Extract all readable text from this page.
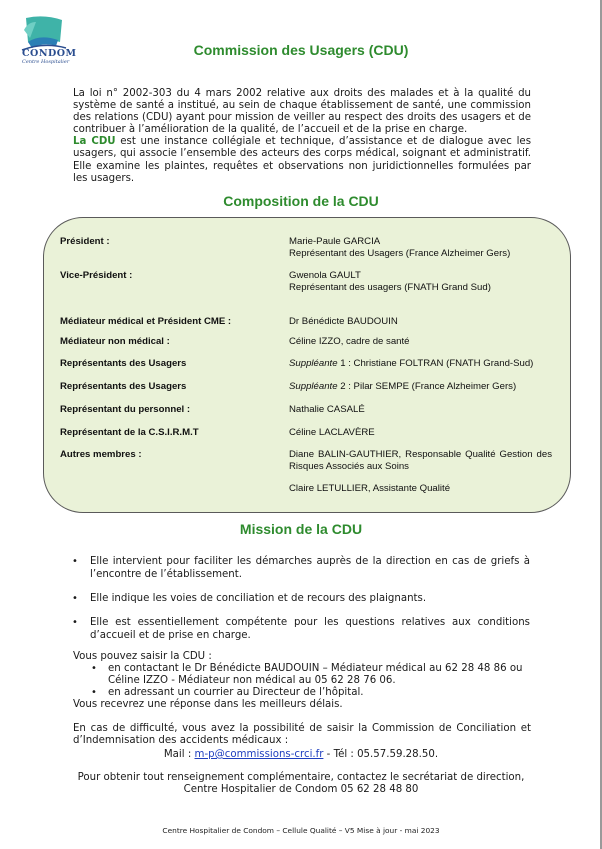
CONDOM
Centre Hospitalier
Commission des Usagers (CDU)

La loi n° 2002-303 du 4 mars 2002 relative aux droits des malades et à la qualité du système de santé a institué, au sein de chaque établissement de santé, une commission des relations (CDU) ayant pour mission de veiller au respect des droits des usagers et de contribuer à l’amélioration de la qualité, de l’accueil et de la prise en charge.

La CDU est une instance collégiale et technique, d’assistance et de dialogue avec les usagers, qui associe l’ensemble des acteurs des corps médical, soignant et administratif. Elle examine les plaintes, requêtes et observations non juridictionnelles formulées par les usagers.

Composition de la CDU
Président :	Marie-Paule GARCIA
Représentant des Usagers (France Alzheimer Gers)
Vice-Président :	Gwenola GAULT
Représentant des usagers (FNATH Grand Sud)
Médiateur médical et Président CME :	Dr Bénédicte BAUDOUIN
Médiateur non médical :	Céline IZZO, cadre de santé
Représentants des Usagers	Suppléante 1 : Christiane FOLTRAN (FNATH Grand-Sud)
Représentants des Usagers	Suppléante 2 : Pilar SEMPE (France Alzheimer Gers)
Représentant du personnel :	Nathalie CASALÉ
Représentant de la C.S.I.R.M.T	Céline LACLAVÈRE
Autres membres :	Diane BALIN-GAUTHIER, Responsable Qualité Gestion des Risques Associés aux Soins
Claire LETULLIER, Assistante Qualité
Mission de la CDU
• Elle intervient pour faciliter les démarches auprès de la direction en cas de griefs à l’encontre de l’établissement.
• Elle indique les voies de conciliation et de recours des plaignants.
• Elle est essentiellement compétente pour les questions relatives aux conditions d’accueil et de prise en charge.
Vous pouvez saisir la CDU :
• en contactant le Dr Bénédicte BAUDOUIN – Médiateur médical au 62 28 48 86 ou Céline IZZO - Médiateur non médical au 05 62 28 76 06.
• en adressant un courrier au Directeur de l’hôpital.
Vous recevrez une réponse dans les meilleurs délais.
En cas de difficulté, vous avez la possibilité de saisir la Commission de Conciliation et d’Indemnisation des accidents médicaux :
Mail : m-p@commissions-crci.fr - Tél : 05.57.59.28.50.
Pour obtenir tout renseignement complémentaire, contactez le secrétariat de direction,
Centre Hospitalier de Condom 05 62 28 48 80
Centre Hospitalier de Condom – Cellule Qualité – V5 Mise à jour - mai 2023
